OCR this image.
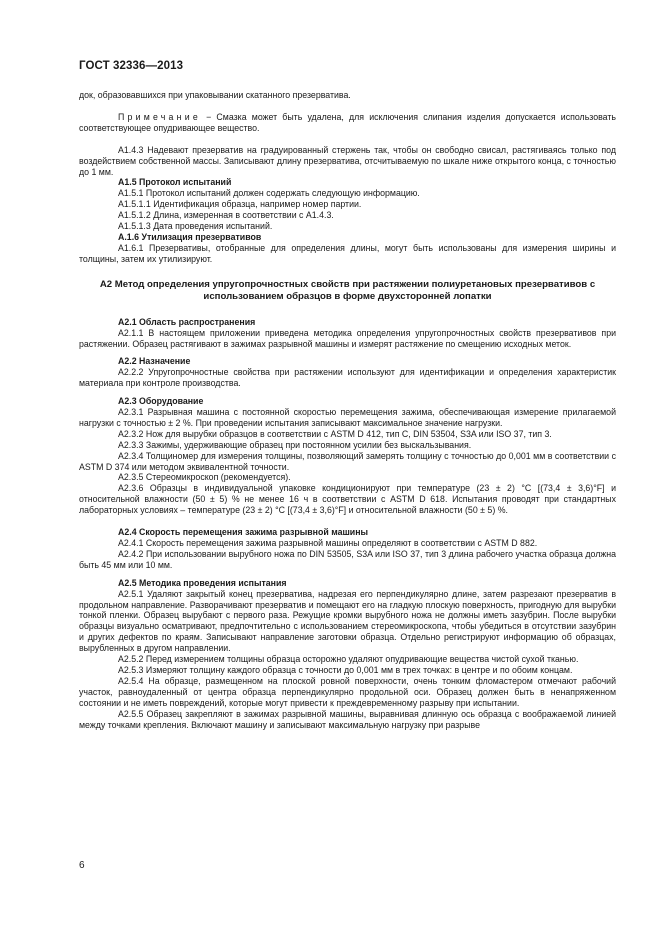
ГОСТ 32336—2013

док, образовавшихся при упаковывании скатанного презерватива.

Примечание − Смазка может быть удалена, для исключения слипания изделия допускается использовать соответствующее опудривающее вещество.

А1.4.3 Надевают презерватив на градуированный стержень так, чтобы он свободно свисал, растягиваясь только под воздействием собственной массы. Записывают длину презерватива, отсчитываемую по шкале ниже открытого конца, с точностью до 1 мм.

А1.5 Протокол испытаний

А1.5.1 Протокол испытаний должен содержать следующую информацию.

А1.5.1.1 Идентификация образца, например номер партии.

А1.5.1.2 Длина, измеренная в соответствии с А1.4.3.

А1.5.1.3 Дата проведения испытаний.

А.1.6 Утилизация презервативов

А1.6.1 Презервативы, отобранные для определения длины, могут быть использованы для измерения ширины и толщины, затем их утилизируют.

А2 Метод определения упругопрочностных свойств при растяжении полиуретановых презервативов с использованием образцов в форме двухсторонней лопатки

А2.1 Область распространения

А2.1.1 В настоящем приложении приведена методика определения упругопрочностных свойств презервативов при растяжении. Образец растягивают в зажимах разрывной машины и измерят растяжение по смещению исходных меток.

А2.2 Назначение

А2.2.2 Упругопрочностные свойства при растяжении используют для идентификации и определения характеристик материала при контроле производства.

А2.3 Оборудование

А2.3.1 Разрывная машина с постоянной скоростью перемещения зажима, обеспечивающая измерение прилагаемой нагрузки с точностью ± 2 %. При проведении испытания записывают максимальное значение нагрузки.

А2.3.2 Нож для вырубки образцов в соответствии с ASTM D 412, тип С, DIN 53504, S3A или ISO 37, тип 3.

А2.3.3 Зажимы, удерживающие образец при постоянном усилии без выскальзывания.

А2.3.4 Толщиномер для измерения толщины, позволяющий замерять толщину с точностью до 0,001 мм в соответствии с ASTM D 374 или методом эквивалентной точности.

А2.3.5 Стереомикроскоп (рекомендуется).

А2.3.6 Образцы в индивидуальной упаковке кондиционируют при температуре (23 ± 2) °С [(73,4 ± 3,6)°F] и относительной влажности (50 ± 5) % не менее 16 ч в соответствии с ASTM D 618. Испытания проводят при стандартных лабораторных условиях – температуре (23 ± 2) °С [(73,4 ± 3,6)°F] и относительной влажности (50 ± 5) %.

А2.4 Скорость перемещения зажима разрывной машины

А2.4.1 Скорость перемещения зажима разрывной машины определяют в соответствии с ASTM D 882.

А2.4.2 При использовании вырубного ножа по DIN 53505, S3A или ISO 37, тип 3 длина рабочего участка образца должна быть 45 мм или 10 мм.

А2.5 Методика проведения испытания

А2.5.1 Удаляют закрытый конец презерватива, надрезая его перпендикулярно длине, затем разрезают презерватив в продольном направление. Разворачивают презерватив и помещают его на гладкую плоскую поверхность, пригодную для вырубки тонкой пленки. Образец вырубают с первого раза. Режущие кромки вырубного ножа не должны иметь зазубрин. После вырубки образцы визуально осматривают, предпочтительно с использованием стереомикроскопа, чтобы убедиться в отсутствии зазубрин и других дефектов по краям. Записывают направление заготовки образца. Отдельно регистрируют информацию об образцах, вырубленных в другом направлении.

А2.5.2 Перед измерением толщины образца осторожно удаляют опудривающие вещества чистой сухой тканью.

А2.5.3 Измеряют толщину каждого образца с точности до 0,001 мм в трех точках: в центре и по обоим концам.

А2.5.4 На образце, размещенном на плоской ровной поверхности, очень тонким фломастером отмечают рабочий участок, равноудаленный от центра образца перпендикулярно продольной оси. Образец должен быть в ненапряженном состоянии и не иметь повреждений, которые могут привести к преждевременному разрыву при испытании.

А2.5.5 Образец закрепляют в зажимах разрывной машины, выравнивая длинную ось образца с воображаемой линией между точками крепления. Включают машину и записывают максимальную нагрузку при разрыве

6
